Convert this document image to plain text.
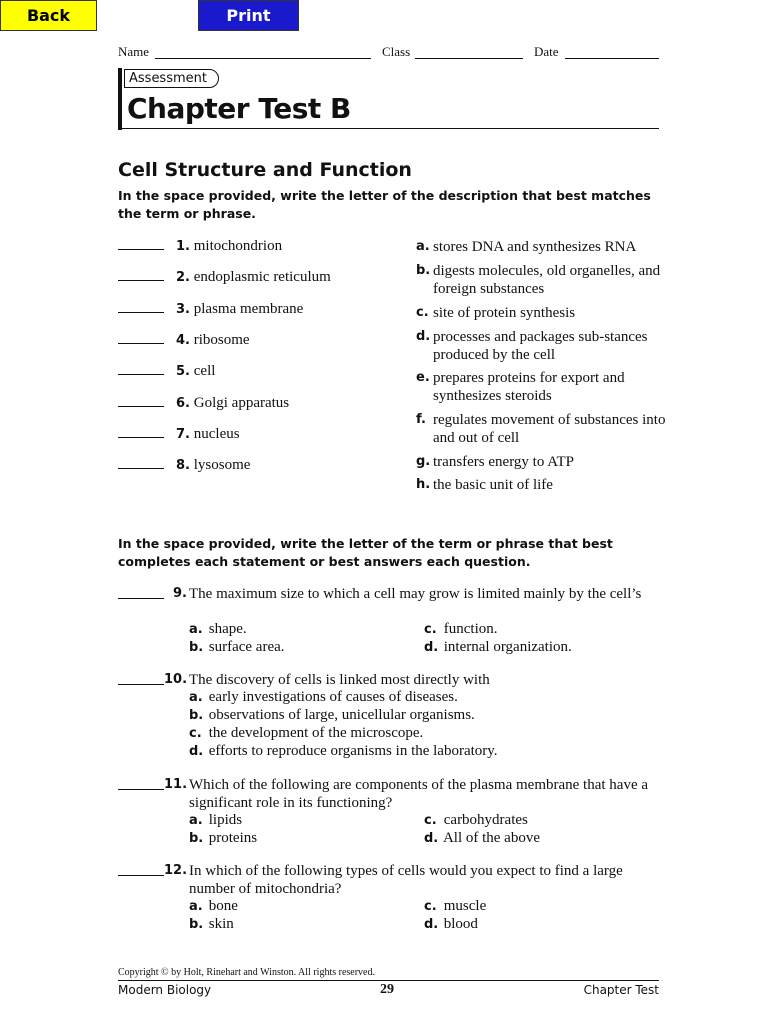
Back	Print
Name	Class	Date
Assessment
Chapter Test B
Cell Structure and Function
In the space provided, write the letter of the description that best matches the term or phrase.
1. mitochondrion
2. endoplasmic reticulum
3. plasma membrane
4. ribosome
5. cell
6. Golgi apparatus
7. nucleus
8. lysosome
a. stores DNA and synthesizes RNA
b. digests molecules, old organelles, and foreign substances
c. site of protein synthesis
d. processes and packages sub-stances produced by the cell
e. prepares proteins for export and synthesizes steroids
f. regulates movement of substances into and out of cell
g. transfers energy to ATP
h. the basic unit of life
In the space provided, write the letter of the term or phrase that best completes each statement or best answers each question.
9. The maximum size to which a cell may grow is limited mainly by the cell’s
a. shape.	c. function.
b. surface area.	d. internal organization.
10. The discovery of cells is linked most directly with
a. early investigations of causes of diseases.
b. observations of large, unicellular organisms.
c. the development of the microscope.
d. efforts to reproduce organisms in the laboratory.
11. Which of the following are components of the plasma membrane that have a significant role in its functioning?
a. lipids	c. carbohydrates
b. proteins	d. All of the above
12. In which of the following types of cells would you expect to find a large number of mitochondria?
a. bone	c. muscle
b. skin	d. blood
Copyright © by Holt, Rinehart and Winston. All rights reserved.
Modern Biology	29	Chapter Test
